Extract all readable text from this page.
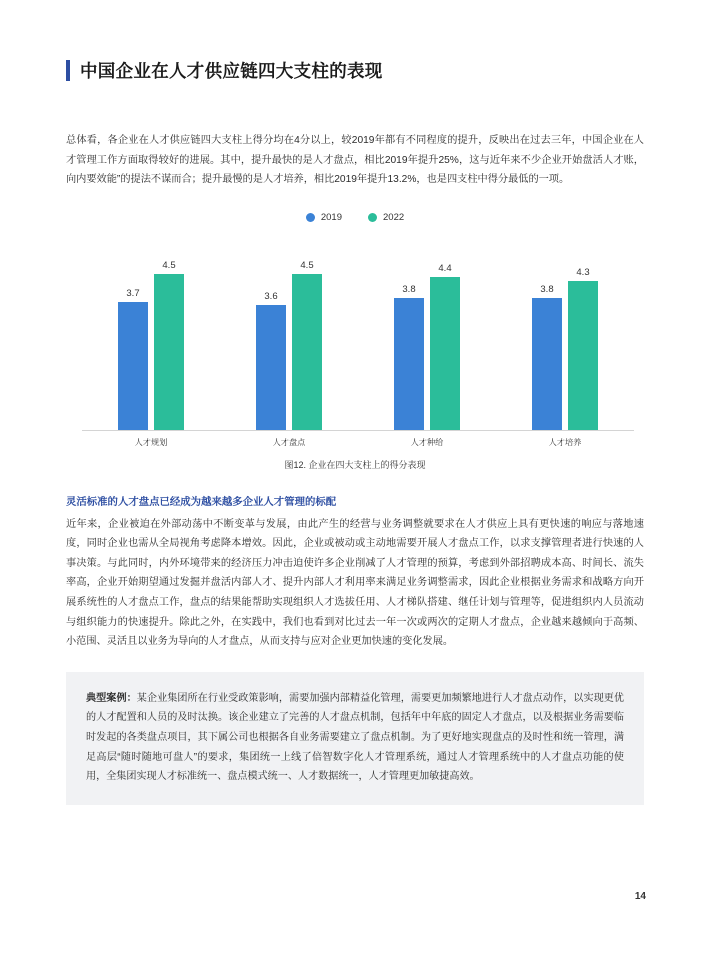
中国企业在人才供应链四大支柱的表现
总体看，各企业在人才供应链四大支柱上得分均在4分以上，较2019年都有不同程度的提升，反映出在过去三年，中国企业在人才管理工作方面取得较好的进展。其中，提升最快的是人才盘点，相比2019年提升25%，这与近年来不少企业开始盘活人才账，向内要效能”的提法不谋而合；提升最慢的是人才培养，相比2019年提升13.2%，也是四支柱中得分最低的一项。
2019	2022
3.7
4.5
3.6
4.5
3.8
4.4
3.8
4.3
人才规划	人才盘点	人才种给	人才培养
图12. 企业在四大支柱上的得分表现
灵活标准的人才盘点已经成为越来越多企业人才管理的标配
近年来，企业被迫在外部动荡中不断变革与发展，由此产生的经营与业务调整就要求在人才供应上具有更快速的响应与落地速度，同时企业也需从全局视角考虑降本增效。因此，企业或被动或主动地需要开展人才盘点工作，以求支撑管理者进行快速的人事决策。与此同时，内外环境带来的经济压力冲击迫使许多企业削减了人才管理的预算，考虑到外部招聘成本高、时间长、流失率高，企业开始期望通过发掘并盘活内部人才、提升内部人才利用率来满足业务调整需求，因此企业根据业务需求和战略方向开展系统性的人才盘点工作，盘点的结果能帮助实现组织人才选拔任用、人才梯队搭建、继任计划与管理等，促进组织内人员流动与组织能力的快速提升。除此之外，在实践中，我们也看到对比过去一年一次或两次的定期人才盘点，企业越来越倾向于高频、小范围、灵活且以业务为导向的人才盘点，从而支持与应对企业更加快速的变化发展。
典型案例：某企业集团所在行业受政策影响，需要加强内部精益化管理，需要更加频繁地进行人才盘点动作，以实现更优的人才配置和人员的及时汰换。该企业建立了完善的人才盘点机制，包括年中年底的固定人才盘点，以及根据业务需要临时发起的各类盘点项目，其下属公司也根据各自业务需要建立了盘点机制。为了更好地实现盘点的及时性和统一管理，满足高层“随时随地可盘人”的要求，集团统一上线了倍智数字化人才管理系统，通过人才管理系统中的人才盘点功能的使用，全集团实现人才标准统一、盘点模式统一、人才数据统一，人才管理更加敏捷高效。
14
